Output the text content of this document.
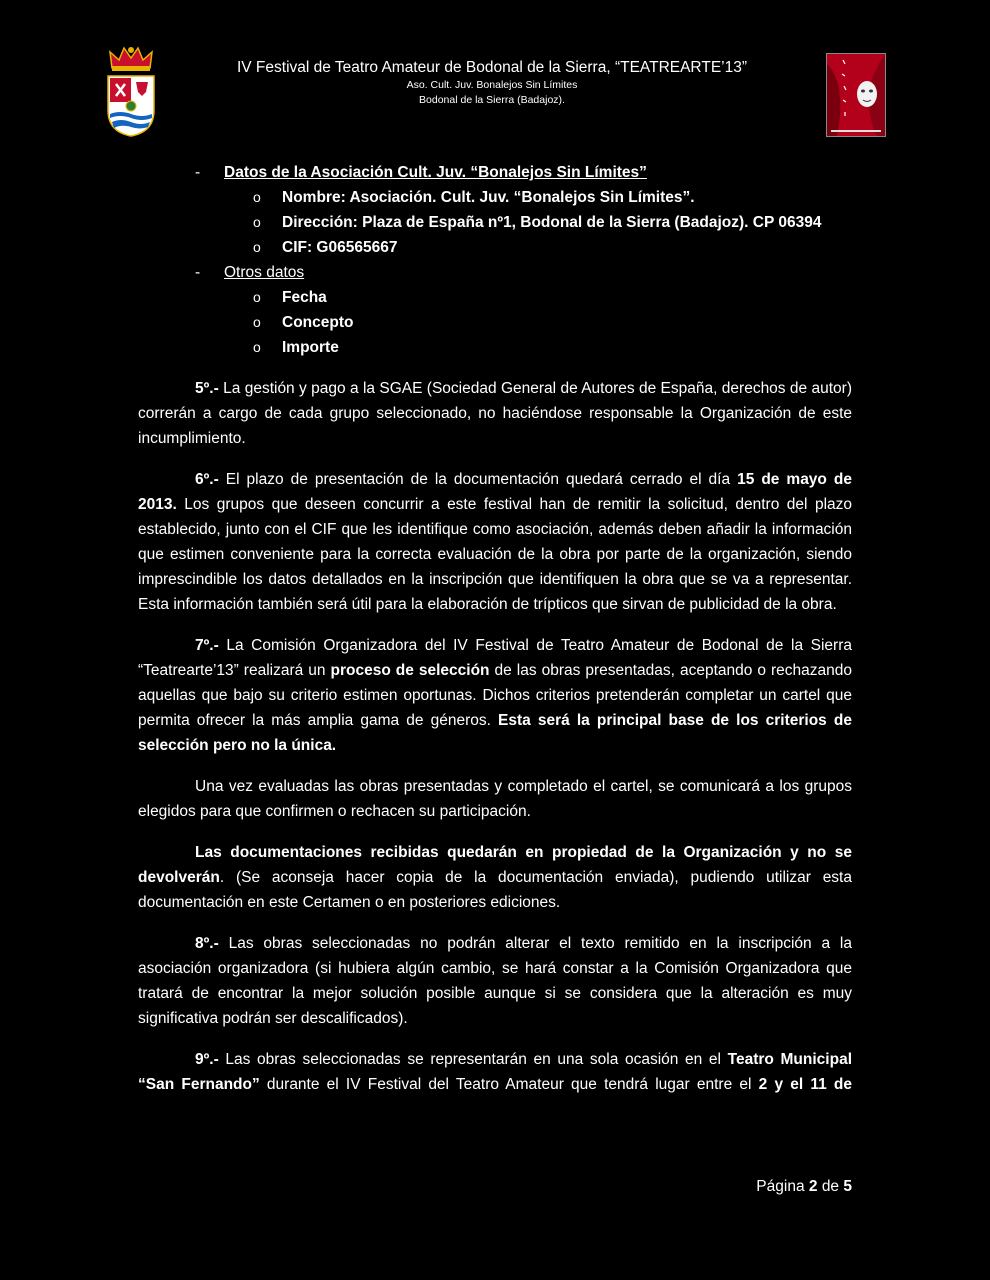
IV Festival de Teatro Amateur de Bodonal de la Sierra, “TEATREARTE’13”
Aso. Cult. Juv. Bonalejos Sin Límites
Bodonal de la Sierra (Badajoz).
- Datos de la Asociación Cult. Juv. “Bonalejos Sin Límites”
o Nombre: Asociación. Cult. Juv. “Bonalejos Sin Límites”.
o Dirección: Plaza de España nº1, Bodonal de la Sierra (Badajoz). CP 06394
o CIF: G06565667
- Otros datos
o Fecha
o Concepto
o Importe

5º.- La gestión y pago a la SGAE (Sociedad General de Autores de España, derechos de autor) correrán a cargo de cada grupo seleccionado, no haciéndose responsable la Organización de este incumplimiento.

6º.- El plazo de presentación de la documentación quedará cerrado el día 15 de mayo de 2013. Los grupos que deseen concurrir a este festival han de remitir la solicitud, dentro del plazo establecido, junto con el CIF que les identifique como asociación, además deben añadir la información que estimen conveniente para la correcta evaluación de la obra por parte de la organización, siendo imprescindible los datos detallados en la inscripción que identifiquen la obra que se va a representar. Esta información también será útil para la elaboración de trípticos que sirvan de publicidad de la obra.

7º.- La Comisión Organizadora del IV Festival de Teatro Amateur de Bodonal de la Sierra “Teatrearte’13” realizará un proceso de selección de las obras presentadas, aceptando o rechazando aquellas que bajo su criterio estimen oportunas. Dichos criterios pretenderán completar un cartel que permita ofrecer la más amplia gama de géneros. Esta será la principal base de los criterios de selección pero no la única.

Una vez evaluadas las obras presentadas y completado el cartel, se comunicará a los grupos elegidos para que confirmen o rechacen su participación.

Las documentaciones recibidas quedarán en propiedad de la Organización y no se devolverán. (Se aconseja hacer copia de la documentación enviada), pudiendo utilizar esta documentación en este Certamen o en posteriores ediciones.

8º.- Las obras seleccionadas no podrán alterar el texto remitido en la inscripción a la asociación organizadora (si hubiera algún cambio, se hará constar a la Comisión Organizadora que tratará de encontrar la mejor solución posible aunque si se considera que la alteración es muy significativa podrán ser descalificados).

9º.- Las obras seleccionadas se representarán en una sola ocasión en el Teatro Municipal “San Fernando” durante el IV Festival del Teatro Amateur que tendrá lugar entre el 2 y el 11 de

Página 2 de 5
